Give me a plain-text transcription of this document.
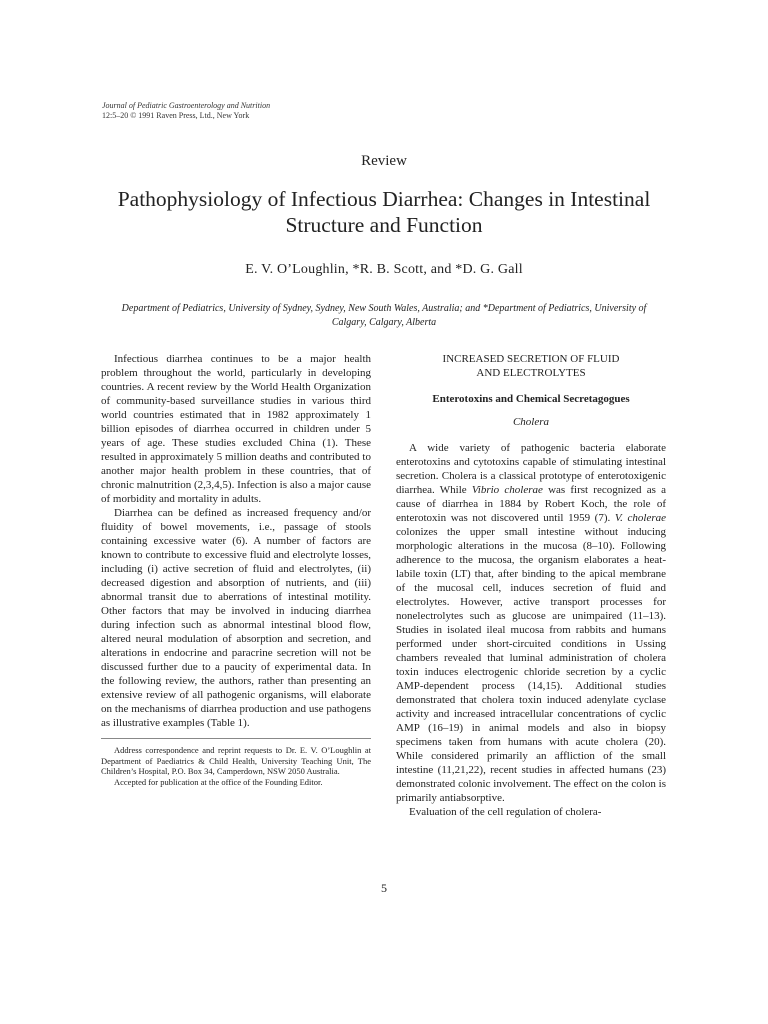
Journal of Pediatric Gastroenterology and Nutrition
12:5–20 © 1991 Raven Press, Ltd., New York
Review
Pathophysiology of Infectious Diarrhea: Changes in Intestinal Structure and Function
E. V. O’Loughlin, *R. B. Scott, and *D. G. Gall
Department of Pediatrics, University of Sydney, Sydney, New South Wales, Australia; and *Department of Pediatrics, University of Calgary, Calgary, Alberta

Infectious diarrhea continues to be a major health problem throughout the world, particularly in developing countries. A recent review by the World Health Organization of community-based surveillance studies in various third world countries estimated that in 1982 approximately 1 billion episodes of diarrhea occurred in children under 5 years of age. These studies excluded China (1). These resulted in approximately 5 million deaths and contributed to another major health problem in these countries, that of chronic malnutrition (2,3,4,5). Infection is also a major cause of morbidity and mortality in adults.

Diarrhea can be defined as increased frequency and/or fluidity of bowel movements, i.e., passage of stools containing excessive water (6). A number of factors are known to contribute to excessive fluid and electrolyte losses, including (i) active secretion of fluid and electrolytes, (ii) decreased digestion and absorption of nutrients, and (iii) abnormal transit due to aberrations of intestinal motility. Other factors that may be involved in inducing diarrhea during infection such as abnormal intestinal blood flow, altered neural modulation of absorption and secretion, and alterations in endocrine and paracrine secretion will not be discussed further due to a paucity of experimental data. In the following review, the authors, rather than presenting an extensive review of all pathogenic organisms, will elaborate on the mechanisms of diarrhea production and use pathogens as illustrative examples (Table 1).

Address correspondence and reprint requests to Dr. E. V. O’Loughlin at Department of Paediatrics & Child Health, University Teaching Unit, The Children’s Hospital, P.O. Box 34, Camperdown, NSW 2050 Australia.

Accepted for publication at the office of the Founding Editor.

INCREASED SECRETION OF FLUID
AND ELECTROLYTES
Enterotoxins and Chemical Secretagogues
Cholera

A wide variety of pathogenic bacteria elaborate enterotoxins and cytotoxins capable of stimulating intestinal secretion. Cholera is a classical prototype of enterotoxigenic diarrhea. While Vibrio cholerae was first recognized as a cause of diarrhea in 1884 by Robert Koch, the role of enterotoxin was not discovered until 1959 (7). V. cholerae colonizes the upper small intestine without inducing morphologic alterations in the mucosa (8–10). Following adherence to the mucosa, the organism elaborates a heat-labile toxin (LT) that, after binding to the apical membrane of the mucosal cell, induces secretion of fluid and electrolytes. However, active transport processes for nonelectrolytes such as glucose are unimpaired (11–13). Studies in isolated ileal mucosa from rabbits and humans performed under short-circuited conditions in Ussing chambers revealed that luminal administration of cholera toxin induces electrogenic chloride secretion by a cyclic AMP-dependent process (14,15). Additional studies demonstrated that cholera toxin induced adenylate cyclase activity and increased intracellular concentrations of cyclic AMP (16–19) in animal models and also in biopsy specimens taken from humans with acute cholera (20). While considered primarily an affliction of the small intestine (11,21,22), recent studies in affected humans (23) demonstrated colonic involvement. The effect on the colon is primarily antiabsorptive.

Evaluation of the cell regulation of cholera-

5
